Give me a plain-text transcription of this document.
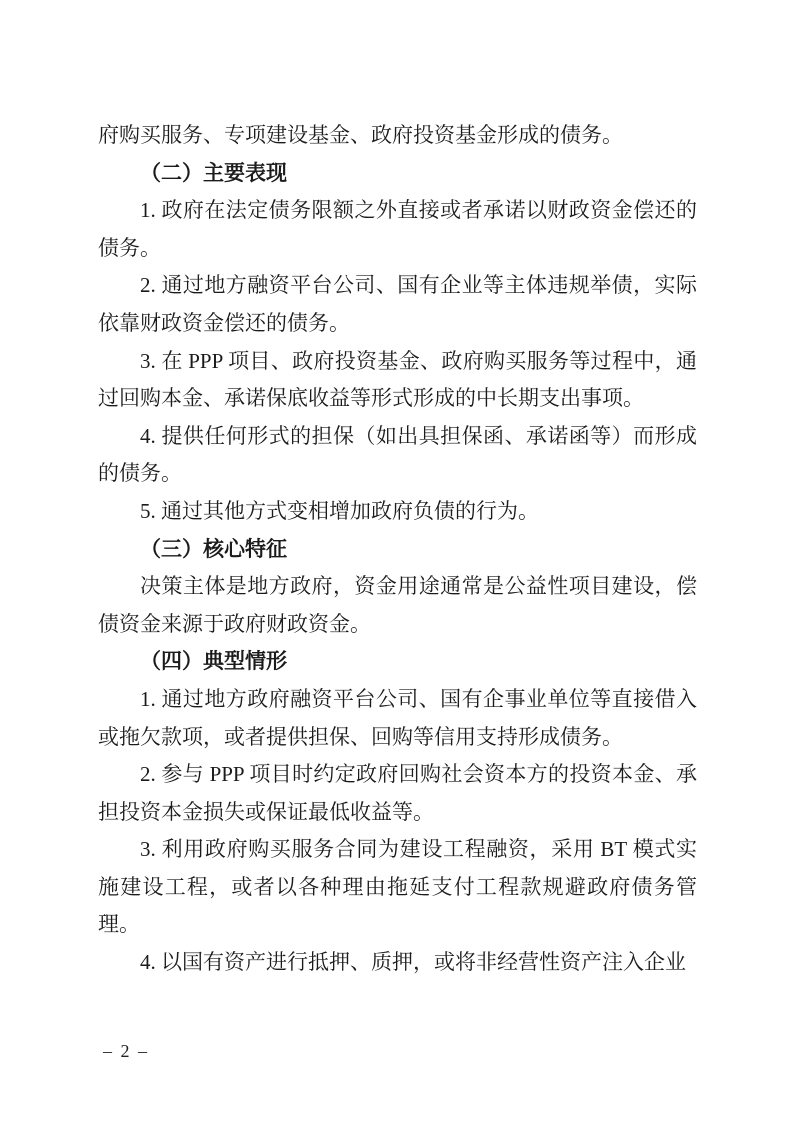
府购买服务、专项建设基金、政府投资基金形成的债务。

（二）主要表现

1. 政府在法定债务限额之外直接或者承诺以财政资金偿还的债务。

2. 通过地方融资平台公司、国有企业等主体违规举债，实际依靠财政资金偿还的债务。

3. 在 PPP 项目、政府投资基金、政府购买服务等过程中，通过回购本金、承诺保底收益等形式形成的中长期支出事项。

4. 提供任何形式的担保（如出具担保函、承诺函等）而形成的债务。

5. 通过其他方式变相增加政府负债的行为。

（三）核心特征

决策主体是地方政府，资金用途通常是公益性项目建设，偿债资金来源于政府财政资金。

（四）典型情形

1. 通过地方政府融资平台公司、国有企事业单位等直接借入或拖欠款项，或者提供担保、回购等信用支持形成债务。

2. 参与 PPP 项目时约定政府回购社会资本方的投资本金、承担投资本金损失或保证最低收益等。

3. 利用政府购买服务合同为建设工程融资，采用 BT 模式实施建设工程，或者以各种理由拖延支付工程款规避政府债务管理。

4. 以国有资产进行抵押、质押，或将非经营性资产注入企业

– 2 –
